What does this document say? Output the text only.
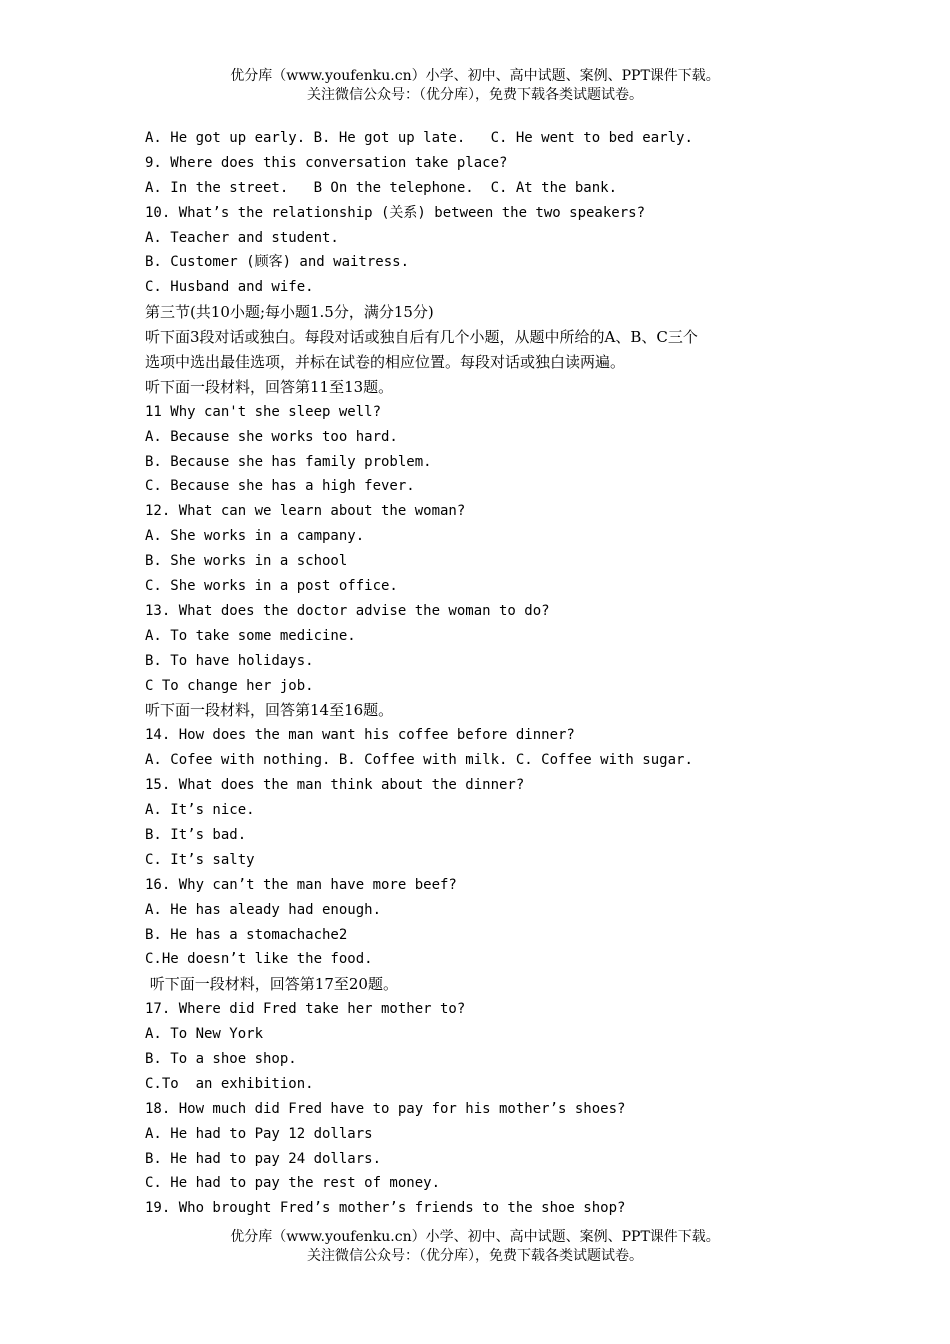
优分库（www.youfenku.cn）小学、初中、高中试题、案例、PPT课件下载。
关注微信公众号：（优分库），免费下载各类试题试卷。
A. He got up early. B. He got up late.   C. He went to bed early.
9. Where does this conversation take place?
A. In the street.   B On the telephone.  C. At the bank.
10. What’s the relationship (关系) between the two speakers?
A. Teacher and student.
B. Customer (顾客) and waitress.
C. Husband and wife.
第三节(共10小题;每小题1.5分，满分15分)
听下面3段对话或独白。每段对话或独自后有几个小题，从题中所给的A、B、C三个
选项中选出最佳选项，并标在试卷的相应位置。每段对话或独白读两遍。
听下面一段材料，回答第11至13题。
11 Why can't she sleep well?
A. Because she works too hard.
B. Because she has family problem.
C. Because she has a high fever.
12. What can we learn about the woman?
A. She works in a campany.
B. She works in a school
C. She works in a post office.
13. What does the doctor advise the woman to do?
A. To take some medicine.
B. To have holidays.
C To change her job.
听下面一段材料，回答第14至16题。
14. How does the man want his coffee before dinner?
A. Cofee with nothing. B. Coffee with milk. C. Coffee with sugar.
15. What does the man think about the dinner?
A. It’s nice.
B. It’s bad.
C. It’s salty
16. Why can’t the man have more beef?
A. He has aleady had enough.
B. He has a stomachache2
C.He doesn’t like the food.
听下面一段材料，回答第17至20题。
17. Where did Fred take her mother to?
A. To New York
B. To a shoe shop.
C.To  an exhibition.
18. How much did Fred have to pay for his mother’s shoes?
A. He had to Pay 12 dollars
B. He had to pay 24 dollars.
C. He had to pay the rest of money.
19. Who brought Fred’s mother’s friends to the shoe shop?
优分库（www.youfenku.cn）小学、初中、高中试题、案例、PPT课件下载。
关注微信公众号：（优分库），免费下载各类试题试卷。
